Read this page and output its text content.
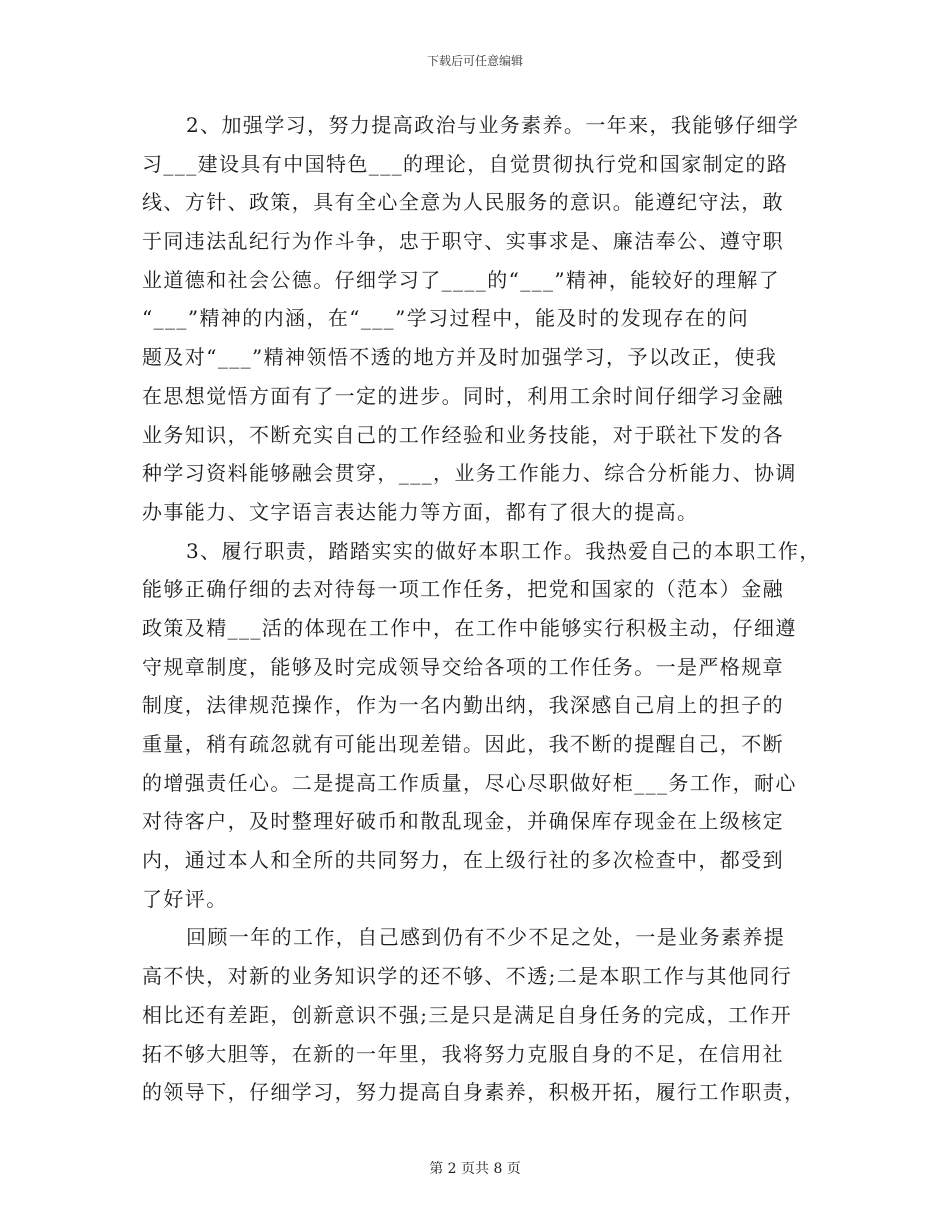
下载后可任意编辑
2、加强学习，努力提高政治与业务素养。一年来，我能够仔细学
习___建设具有中国特色___的理论，自觉贯彻执行党和国家制定的路
线、方针、政策，具有全心全意为人民服务的意识。能遵纪守法，敢
于同违法乱纪行为作斗争，忠于职守、实事求是、廉洁奉公、遵守职
业道德和社会公德。仔细学习了____的“___”精神，能较好的理解了
“___”精神的内涵，在“___”学习过程中，能及时的发现存在的问
题及对“___”精神领悟不透的地方并及时加强学习，予以改正，使我
在思想觉悟方面有了一定的进步。同时，利用工余时间仔细学习金融
业务知识，不断充实自己的工作经验和业务技能，对于联社下发的各
种学习资料能够融会贯穿，___，业务工作能力、综合分析能力、协调
办事能力、文字语言表达能力等方面，都有了很大的提高。
3、履行职责，踏踏实实的做好本职工作。我热爱自己的本职工作，
能够正确仔细的去对待每一项工作任务，把党和国家的（范本）金融
政策及精___活的体现在工作中，在工作中能够实行积极主动，仔细遵
守规章制度，能够及时完成领导交给各项的工作任务。一是严格规章
制度，法律规范操作，作为一名内勤出纳，我深感自己肩上的担子的
重量，稍有疏忽就有可能出现差错。因此，我不断的提醒自己，不断
的增强责任心。二是提高工作质量，尽心尽职做好柜___务工作，耐心
对待客户，及时整理好破币和散乱现金，并确保库存现金在上级核定
内，通过本人和全所的共同努力，在上级行社的多次检查中，都受到
了好评。
回顾一年的工作，自己感到仍有不少不足之处，一是业务素养提
高不快，对新的业务知识学的还不够、不透;二是本职工作与其他同行
相比还有差距，创新意识不强;三是只是满足自身任务的完成，工作开
拓不够大胆等，在新的一年里，我将努力克服自身的不足，在信用社
的领导下，仔细学习，努力提高自身素养，积极开拓，履行工作职责，
第 2 页共 8 页
